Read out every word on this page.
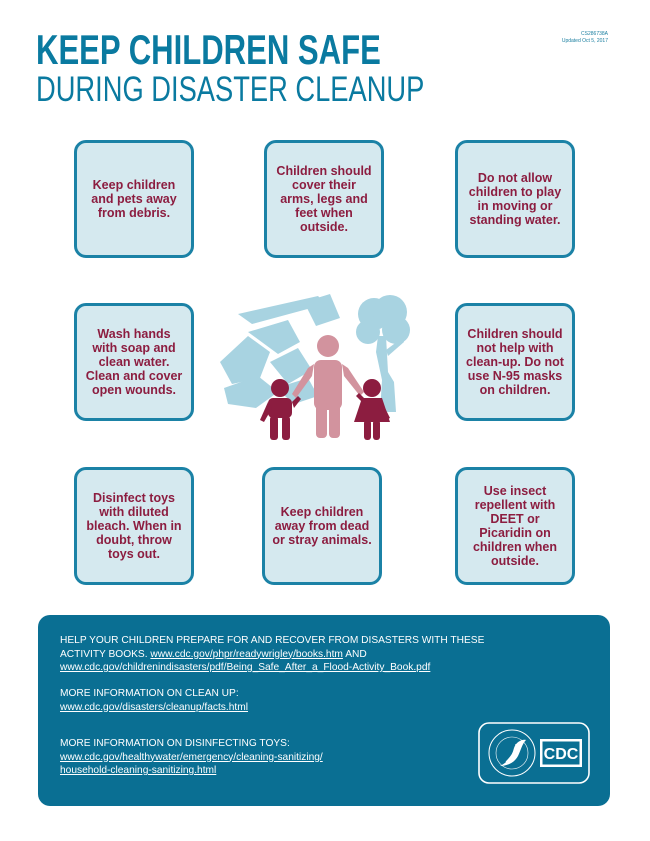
CS286738A
Updated Oct 5, 2017
KEEP CHILDREN SAFE
DURING DISASTER CLEANUP
Keep children and pets away from debris.
Children should cover their arms, legs and feet when outside.
Do not allow children to play in moving or standing water.
Wash hands with soap and clean water. Clean and cover open wounds.
Children should not help with clean-up. Do not use N-95 masks on children.
Disinfect toys with diluted bleach. When in doubt, throw toys out.
Keep children away from dead or stray animals.
Use insect repellent with DEET or Picaridin on children when outside.

HELP YOUR CHILDREN PREPARE FOR AND RECOVER FROM DISASTERS WITH THESE ACTIVITY BOOKS. www.cdc.gov/phpr/readywrigley/books.htm AND
www.cdc.gov/childrenindisasters/pdf/Being_Safe_After_a_Flood-Activity_Book.pdf

MORE INFORMATION ON CLEAN UP:
www.cdc.gov/disasters/cleanup/facts.html

MORE INFORMATION ON DISINFECTING TOYS:
www.cdc.gov/healthywater/emergency/cleaning-sanitizing/
household-cleaning-sanitizing.html

CDC
